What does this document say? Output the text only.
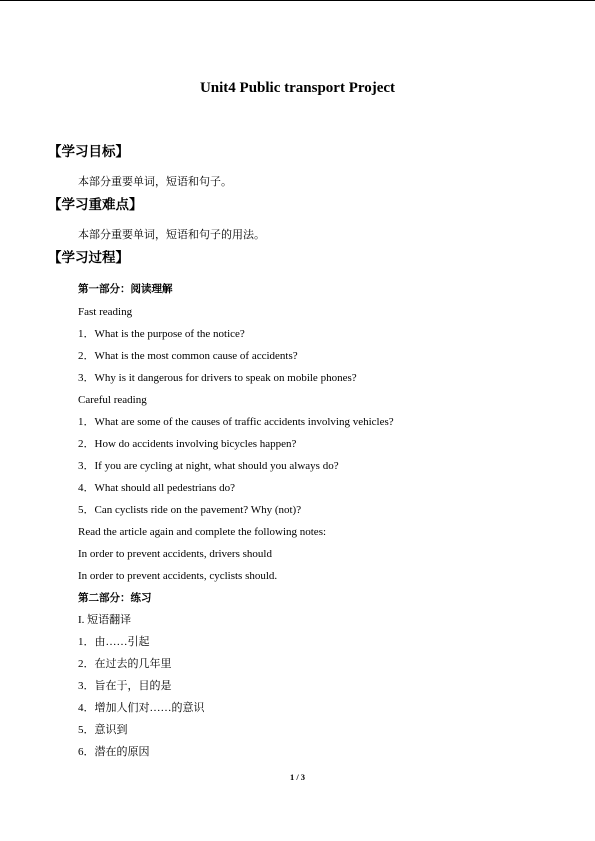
Unit4 Public transport Project
【学习目标】
本部分重要单词，短语和句子。
【学习重难点】
本部分重要单词，短语和句子的用法。
【学习过程】
第一部分：阅读理解
Fast reading
1．What is the purpose of the notice?
2．What is the most common cause of accidents?
3．Why is it dangerous for drivers to speak on mobile phones?
Careful reading
1．What are some of the causes of traffic accidents involving vehicles?
2．How do accidents involving bicycles happen?
3．If you are cycling at night, what should you always do?
4．What should all pedestrians do?
5．Can cyclists ride on the pavement? Why (not)?
Read the article again and complete the following notes:
In order to prevent accidents, drivers should
In order to prevent accidents, cyclists should.
第二部分：练习
I. 短语翻译
1．由……引起
2．在过去的几年里
3．旨在于，目的是
4．增加人们对……的意识
5．意识到
6．潜在的原因
1 / 3
